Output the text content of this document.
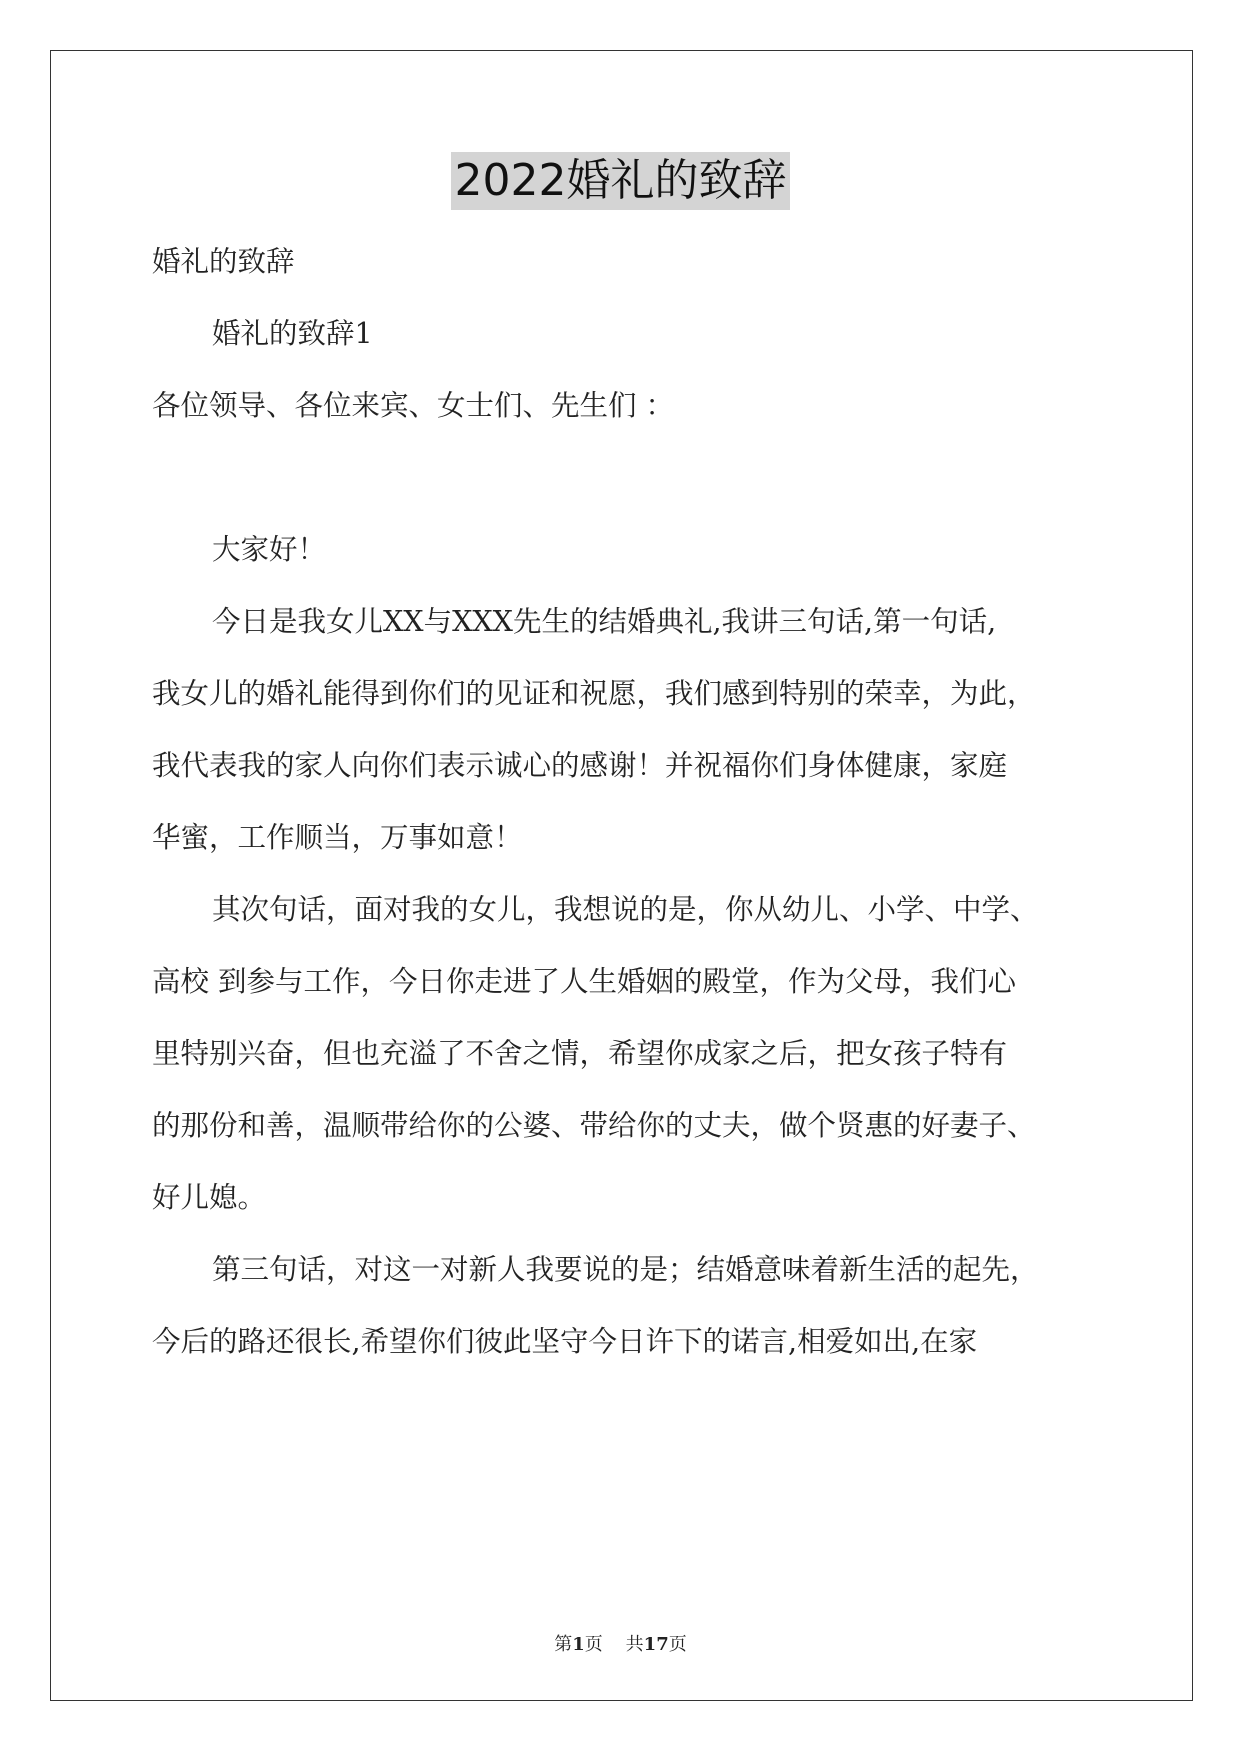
2022婚礼的致辞
婚礼的致辞
婚礼的致辞1
各位领导、各位来宾、女士们、先生们 ：
大家好！
今日是我女儿XX与XXX先生的结婚典礼,我讲三句话,第一句话,
我女儿的婚礼能得到你们的见证和祝愿，我们感到特别的荣幸，为此，
我代表我的家人向你们表示诚心的感谢！并祝福你们身体健康，家庭
华蜜，工作顺当，万事如意！
其次句话，面对我的女儿，我想说的是，你从幼儿、小学、中学、
高校 到参与工作，今日你走进了人生婚姻的殿堂，作为父母，我们心
里特别兴奋，但也充溢了不舍之情，希望你成家之后，把女孩子特有
的那份和善，温顺带给你的公婆、带给你的丈夫，做个贤惠的好妻子、
好儿媳。
第三句话，对这一对新人我要说的是；结婚意味着新生活的起先，
今后的路还很长,希望你们彼此坚守今日许下的诺言,相爱如出,在家
第1页    共17页
